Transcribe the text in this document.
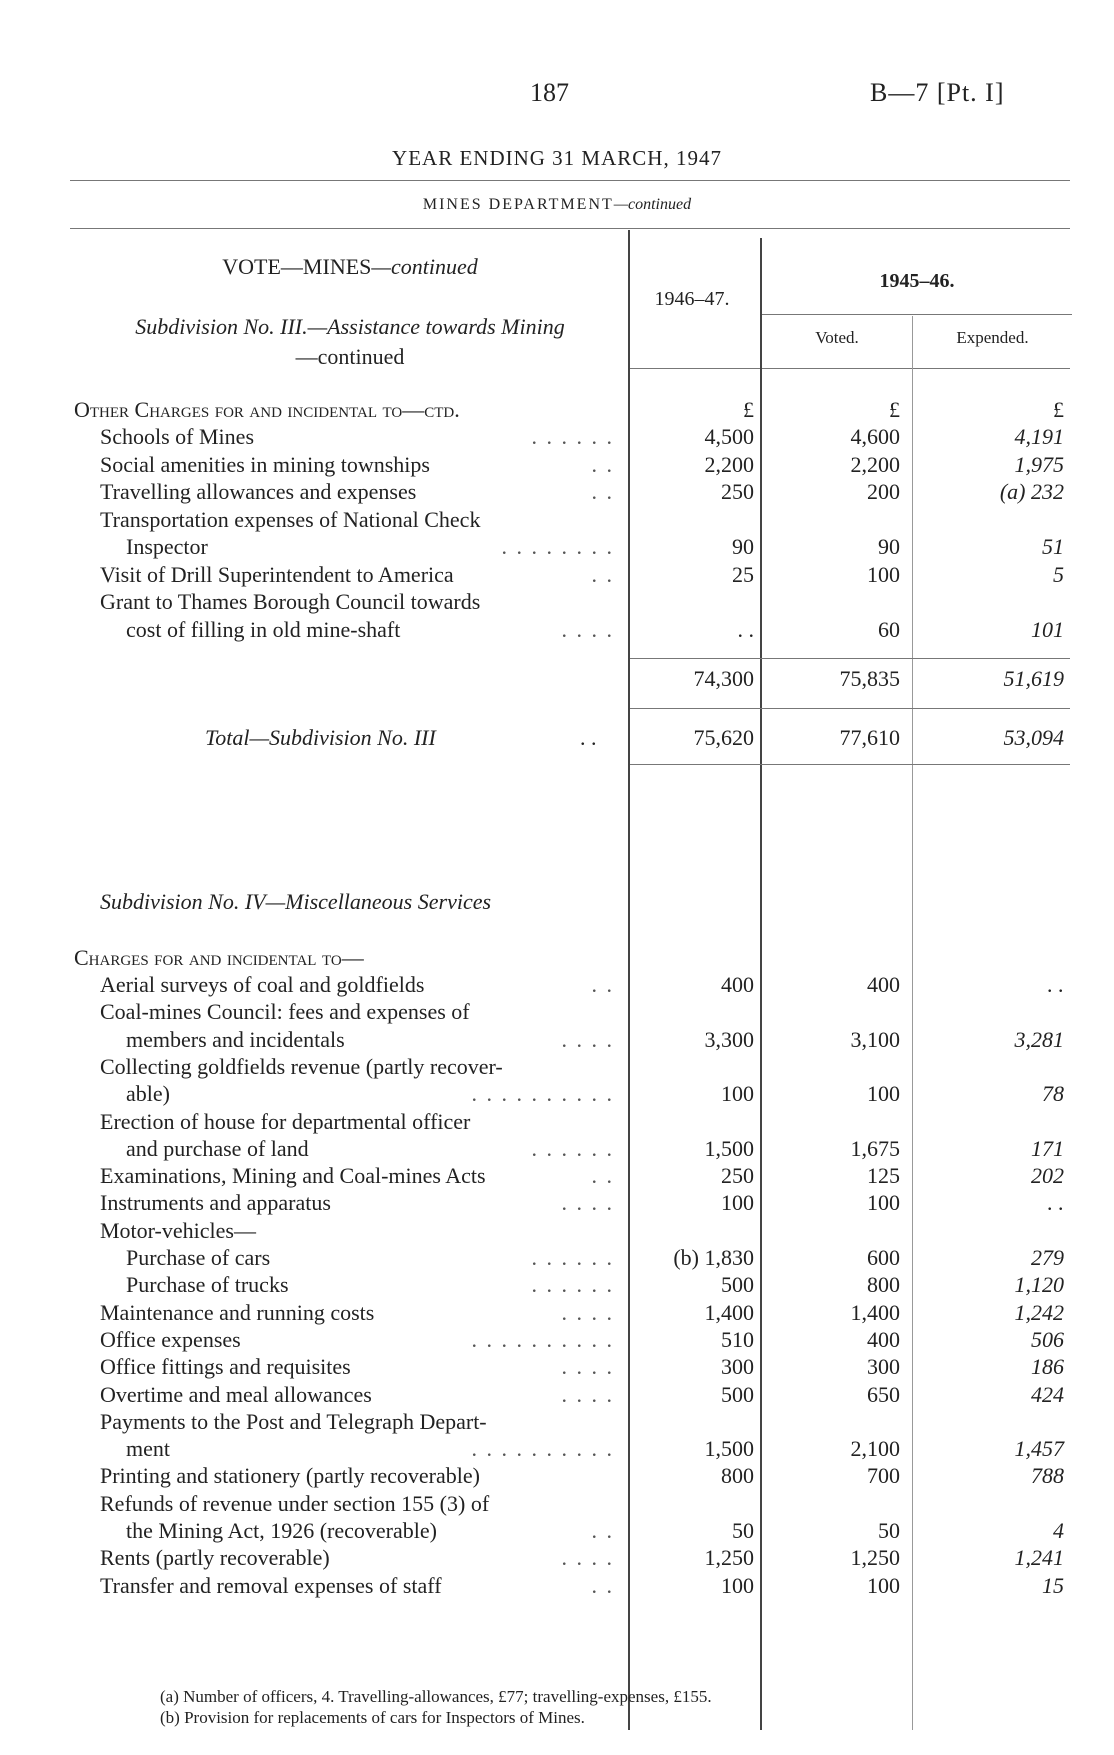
187	B—7 [Pt. I]
YEAR ENDING 31 MARCH, 1947
MINES DEPARTMENT—continued
VOTE—MINES—continued
Subdivision No. III.—Assistance towards Mining
—continued
1946–47.
1945–46.
Voted.	Expended.
Other Charges for and incidental to—ctd.	£	£	£
Schools of Mines	. . . . . .	4,500	4,600	4,191
Social amenities in mining townships	. .	2,200	2,200	1,975
Travelling allowances and expenses	. .	250	200	(a) 232
Transportation expenses of National Check
Inspector	. . . . . . . .	90	90	51
Visit of Drill Superintendent to America	. .	25	100	5
Grant to Thames Borough Council towards
cost of filling in old mine-shaft	. . . .	. .	60	101
74,300	75,835	51,619
Total—Subdivision No. III	. .	75,620	77,610	53,094
Subdivision No. IV—Miscellaneous Services
Charges for and incidental to—
Aerial surveys of coal and goldfields	. .	400	400	. .
Coal-mines Council: fees and expenses of
members and incidentals	. . . .	3,300	3,100	3,281
Collecting goldfields revenue (partly recover-
able)	. . . . . . . . . .	100	100	78
Erection of house for departmental officer
and purchase of land	. . . . . .	1,500	1,675	171
Examinations, Mining and Coal-mines Acts	. .	250	125	202
Instruments and apparatus	. . . .	100	100	. .
Motor-vehicles—
Purchase of cars	. . . . . .	(b) 1,830	600	279
Purchase of trucks	. . . . . .	500	800	1,120
Maintenance and running costs	. . . .	1,400	1,400	1,242
Office expenses	. . . . . . . . . .	510	400	506
Office fittings and requisites	. . . .	300	300	186
Overtime and meal allowances	. . . .	500	650	424
Payments to the Post and Telegraph Depart-
ment	. . . . . . . . . .	1,500	2,100	1,457
Printing and stationery (partly recoverable)	800	700	788
Refunds of revenue under section 155 (3) of
the Mining Act, 1926 (recoverable)	. .	50	50	4
Rents (partly recoverable)	. . . .	1,250	1,250	1,241
Transfer and removal expenses of staff	. .	100	100	15
(a) Number of officers, 4. Travelling-allowances, £77; travelling-expenses, £155.
(b) Provision for replacements of cars for Inspectors of Mines.
